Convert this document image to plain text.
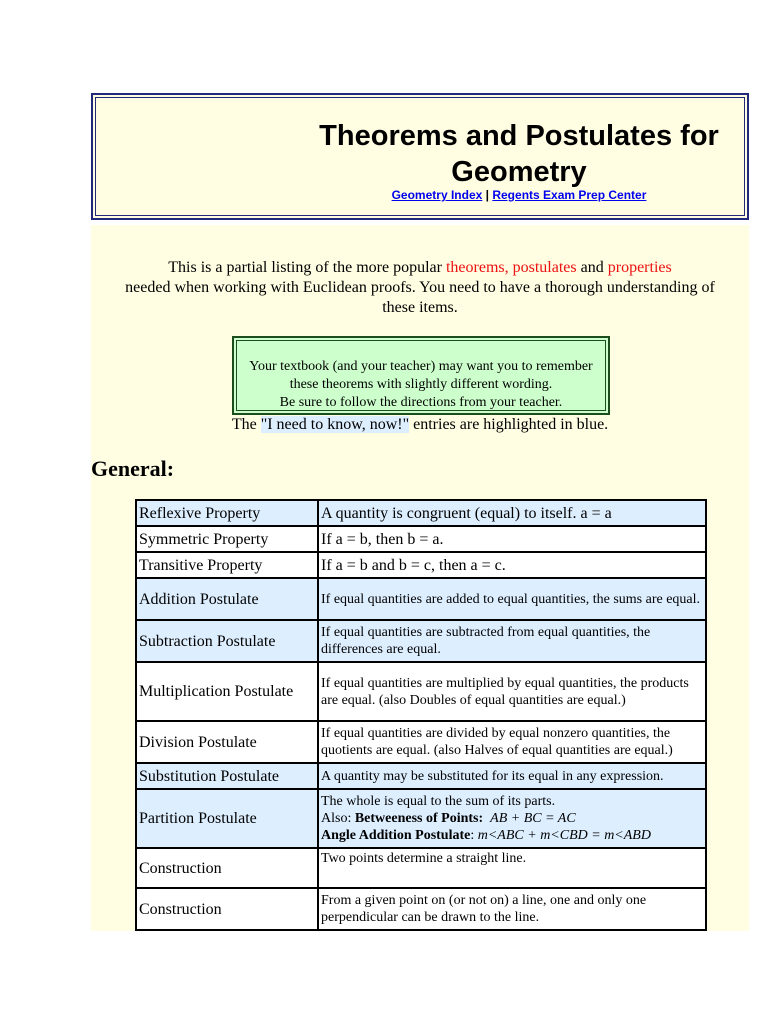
Theorems and Postulates for
Geometry
Geometry Index | Regents Exam Prep Center
This is a partial listing of the more popular theorems, postulates and properties
needed when working with Euclidean proofs. You need to have a thorough understanding of
these items.
Your textbook (and your teacher) may want you to remember
these theorems with slightly different wording.
Be sure to follow the directions from your teacher.
The "I need to know, now!" entries are highlighted in blue.
General:
Reflexive Property	A quantity is congruent (equal) to itself. a = a
Symmetric Property	If a = b, then b = a.
Transitive Property	If a = b and b = c, then a = c.
Addition Postulate	If equal quantities are added to equal quantities, the sums are equal.
Subtraction Postulate	If equal quantities are subtracted from equal quantities, the differences are equal.
Multiplication Postulate	If equal quantities are multiplied by equal quantities, the products are equal. (also Doubles of equal quantities are equal.)
Division Postulate	If equal quantities are divided by equal nonzero quantities, the quotients are equal. (also Halves of equal quantities are equal.)
Substitution Postulate	A quantity may be substituted for its equal in any expression.
Partition Postulate	The whole is equal to the sum of its parts.
Also: Betweeness of Points: AB + BC = AC
Angle Addition Postulate: m<ABC + m<CBD = m<ABD
Construction	Two points determine a straight line.
Construction	From a given point on (or not on) a line, one and only one perpendicular can be drawn to the line.
